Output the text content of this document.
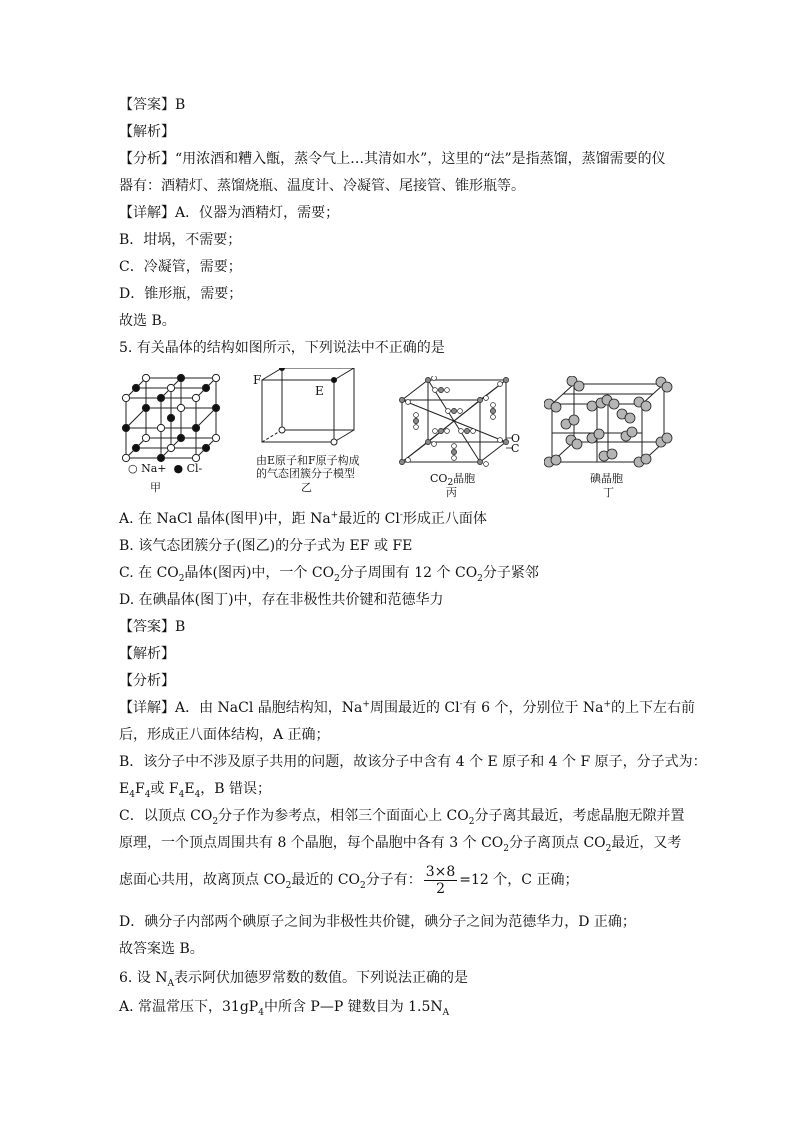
【答案】B
【解析】
【分析】“用浓酒和糟入甑，蒸令气上…其清如水”，这里的“法”是指蒸馏，蒸馏需要的仪
器有：酒精灯、蒸馏烧瓶、温度计、冷凝管、尾接管、锥形瓶等。
【详解】A．仪器为酒精灯，需要；
B．坩埚，不需要；
C．冷凝管，需要；
D．锥形瓶，需要；
故选 B。
5. 有关晶体的结构如图所示，下列说法中不正确的是
○ Na+ ● Cl-
甲
F
E
由E原子和F原子构成
的气态团簇分子模型
乙
O
C
$CO_2$晶胞
丙
碘晶胞
丁
A. 在 NaCl 晶体(图甲)中，距 Na+最近的 Cl-形成正八面体
B. 该气态团簇分子(图乙)的分子式为 EF 或 FE
C. 在 $CO_2$晶体(图丙)中，一个 $CO_2$分子周围有 12 个 $CO_2$分子紧邻
D. 在碘晶体(图丁)中，存在非极性共价键和范德华力
【答案】B
【解析】
【分析】
【详解】A．由 NaCl 晶胞结构知，Na+周围最近的 Cl-有 6 个，分别位于 Na+的上下左右前
后，形成正八面体结构，A 正确；
B．该分子中不涉及原子共用的问题，故该分子中含有 4 个 E 原子和 4 个 F 原子，分子式为：
$E_4F_4$或 $F_4E_4$，B 错误；
C．以顶点 $CO_2$分子作为参考点，相邻三个面面心上 $CO_2$分子离其最近，考虑晶胞无隙并置
原理，一个顶点周围共有 8 个晶胞，每个晶胞中各有 3 个 $CO_2$分子离顶点 $CO_2$最近，又考
虑面心共用，故离顶点 $CO_2$最近的 $CO_2$分子有： $\frac{3\times 8}{2} =12$ 个，C 正确；
D．碘分子内部两个碘原子之间为非极性共价键，碘分子之间为范德华力，D 正确；
故答案选 B。
6. 设 $N_A$表示阿伏加德罗常数的数值。下列说法正确的是
A. 常温常压下，$31gP_4$中所含 P—P 键数目为 $1.5N_A$
